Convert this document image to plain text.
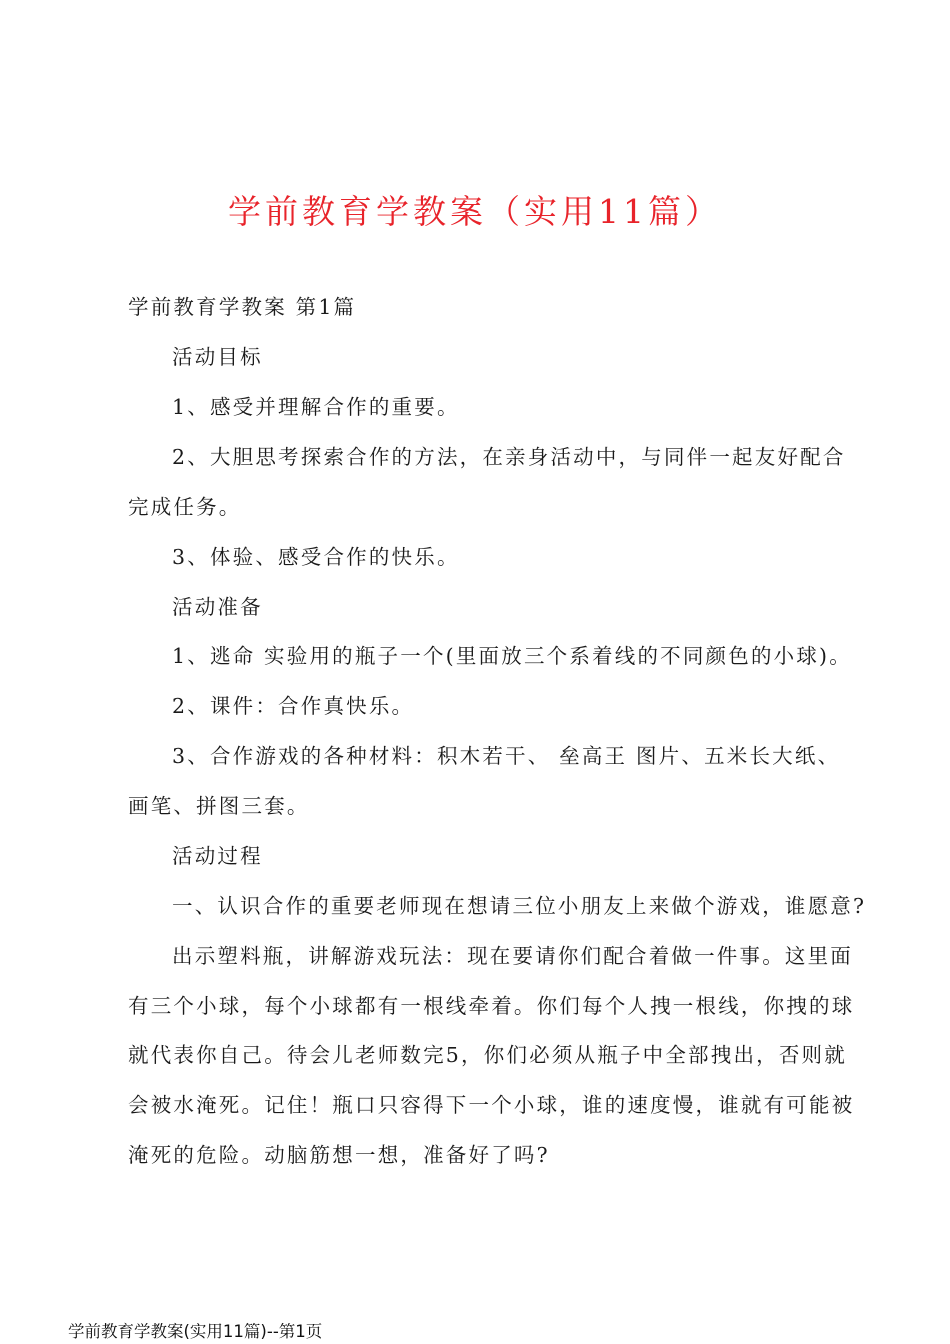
学前教育学教案（实用11篇）
学前教育学教案 第1篇
活动目标
1、感受并理解合作的重要。
2、大胆思考探索合作的方法，在亲身活动中，与同伴一起友好配合
完成任务。
3、体验、感受合作的快乐。
活动准备
1、逃命 实验用的瓶子一个(里面放三个系着线的不同颜色的小球)。
2、课件：合作真快乐。
3、合作游戏的各种材料：积木若干、 垒高王 图片、五米长大纸、
画笔、拼图三套。
活动过程
一、认识合作的重要老师现在想请三位小朋友上来做个游戏，谁愿意?
出示塑料瓶，讲解游戏玩法：现在要请你们配合着做一件事。这里面
有三个小球，每个小球都有一根线牵着。你们每个人拽一根线，你拽的球
就代表你自己。待会儿老师数完5，你们必须从瓶子中全部拽出，否则就
会被水淹死。记住！瓶口只容得下一个小球，谁的速度慢，谁就有可能被
淹死的危险。动脑筋想一想，准备好了吗?
学前教育学教案(实用11篇)--第1页
